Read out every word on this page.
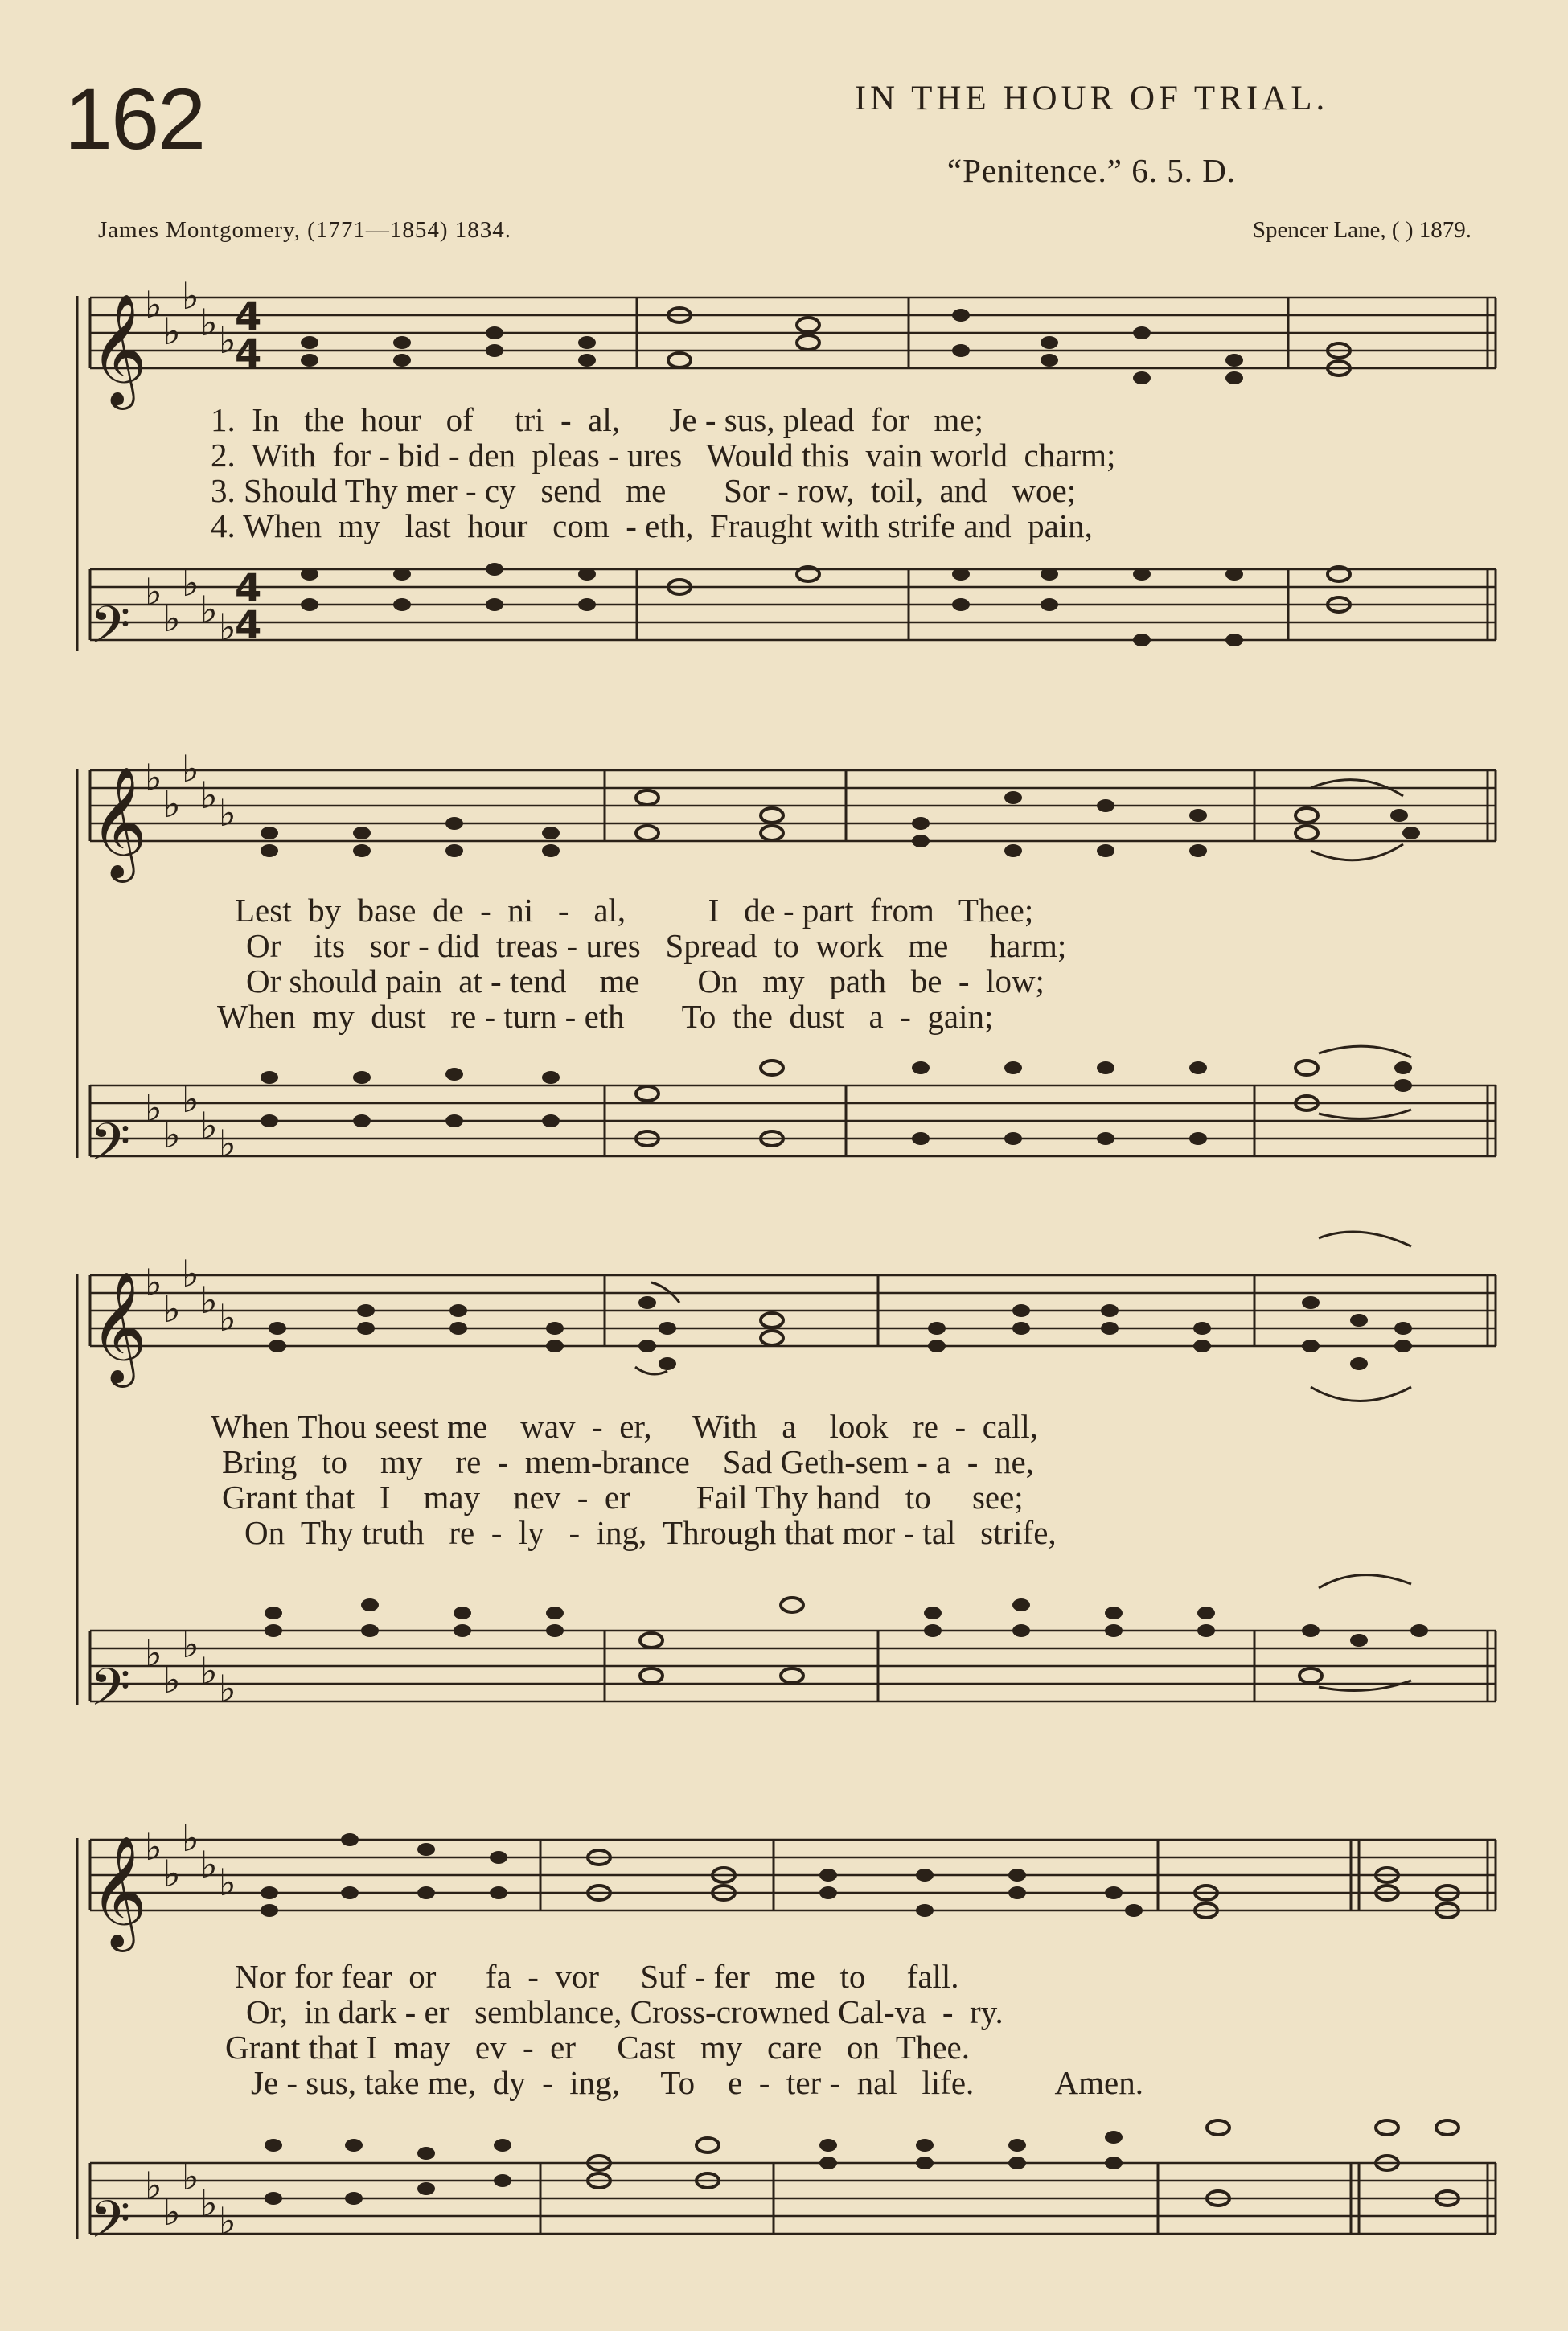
162	IN THE HOUR OF TRIAL.
“Penitence.” 6. 5. D.
James Montgomery, (1771—1854) 1834.	Spencer Lane, ( ) 1879.
𝄞
𝄢
𝄞
𝄢
𝄞
𝄢
𝄞
𝄢
♭
♭
♭
♭ ♭
♭
♭
♭
♭ ♭
♭
♭
♭
♭ ♭
♭
♭
♭
♭ ♭
♭
♭
♭
♭ ♭
♭
♭
♭
♭ ♭
♭
♭
♭
♭ ♭
♭
♭
♭
♭ ♭
4
4
4
4
1.  In   the  hour   of     tri  -  al,      Je - sus, plead  for   me;
2.  With  for - bid - den  pleas - ures   Would this  vain world  charm;
3. Should Thy mer - cy   send   me       Sor - row,  toil,  and   woe;
4. When  my   last  hour   com  - eth,  Fraught with strife and  pain,
Lest  by  base  de  -  ni   -   al,          I   de - part  from   Thee;
Or    its   sor - did  treas - ures   Spread  to  work   me     harm;
Or should pain  at - tend    me       On   my   path   be  -  low;
When  my  dust   re - turn - eth       To  the  dust   a  -  gain;
When Thou seest me    wav  -  er,     With   a    look   re  -  call,
Bring   to    my    re  -  mem-brance    Sad Geth-sem - a  -  ne,
Grant that   I    may    nev  -  er        Fail Thy hand   to     see;
On  Thy truth   re  -  ly   -  ing,  Through that mor - tal   strife,
Nor for fear  or      fa  -  vor     Suf - fer   me   to     fall.
Or,  in dark - er   semblance, Cross-crowned Cal-va  -  ry.
Grant that I  may   ev  -  er     Cast   my   care   on  Thee.
Je - sus, take me,  dy  -  ing,     To    e  -  ter -  nal   life.          Amen.
